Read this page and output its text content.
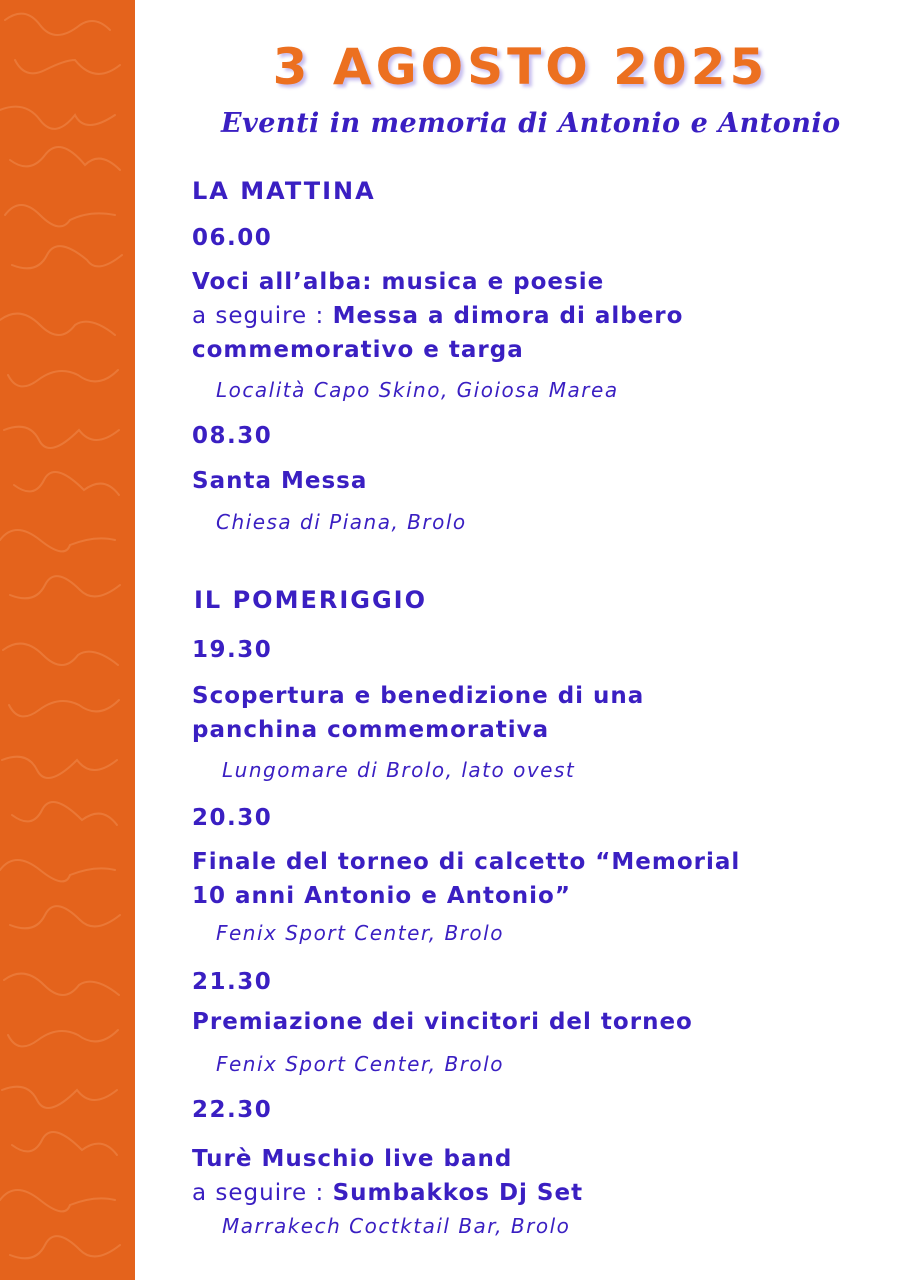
3 AGOSTO 2025
Eventi in memoria di Antonio e Antonio
LA MATTINA
06.00
Voci all’alba: musica e poesie
a seguire : Messa a dimora di albero
commemorativo e targa
Località Capo Skino, Gioiosa Marea
08.30
Santa Messa
Chiesa di Piana, Brolo
IL POMERIGGIO
19.30
Scopertura e benedizione di una
panchina commemorativa
Lungomare di Brolo, lato ovest
20.30
Finale del torneo di calcetto “Memorial
10 anni Antonio e Antonio”
Fenix Sport Center, Brolo
21.30
Premiazione dei vincitori del torneo
Fenix Sport Center, Brolo
22.30
Turè Muschio live band
a seguire : Sumbakkos Dj Set
Marrakech Coctktail Bar, Brolo
